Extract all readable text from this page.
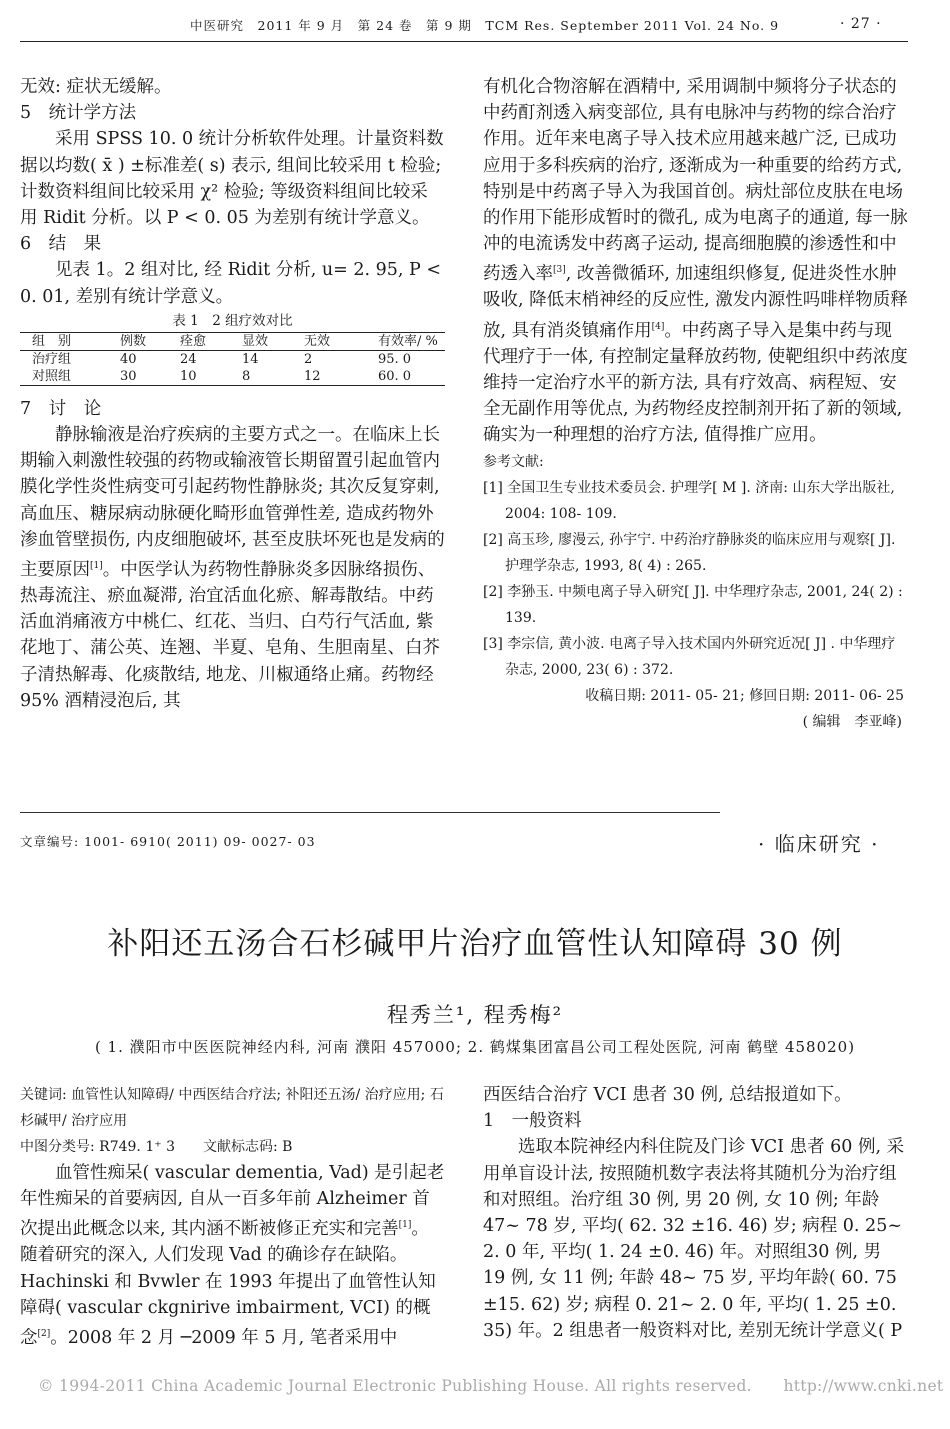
中医研究　2011 年 9 月　第 24 卷　第 9 期　TCM Res. September 2011 Vol. 24 No. 9	· 27 ·

无效: 症状无缓解。

5　统计学方法

采用 SPSS 10. 0 统计分析软件处理。计量资料数据以均数( x̄ ) ±标准差( s) 表示, 组间比较采用 t 检验; 计数资料组间比较采用 χ² 检验; 等级资料组间比较采用 Ridit 分析。以 P < 0. 05 为差别有统计学意义。

6　结　果

见表 1。2 组对比, 经 Ridit 分析, u= 2. 95, P < 0. 01, 差别有统计学意义。

表 1　2 组疗效对比
组　别	例数	痊愈	显效	无效	有效率/ %
治疗组	40	24	14	2	95. 0
对照组	30	10	8	12	60. 0

7　讨　论

静脉输液是治疗疾病的主要方式之一。在临床上长期输入刺激性较强的药物或输液管长期留置引起血管内膜化学性炎性病变可引起药物性静脉炎; 其次反复穿刺, 高血压、糖尿病动脉硬化畸形血管弹性差, 造成药物外渗血管壁损伤, 内皮细胞破坏, 甚至皮肤坏死也是发病的主要原因[1]。中医学认为药物性静脉炎多因脉络损伤、热毒流注、瘀血凝滞, 治宜活血化瘀、解毒散结。中药活血消痛液方中桃仁、红花、当归、白芍行气活血, 紫花地丁、蒲公英、连翘、半夏、皂角、生胆南星、白芥子清热解毒、化痰散结, 地龙、川椒通络止痛。药物经 95% 酒精浸泡后, 其

有机化合物溶解在酒精中, 采用调制中频将分子状态的中药酊剂透入病变部位, 具有电脉冲与药物的综合治疗作用。近年来电离子导入技术应用越来越广泛, 已成功应用于多科疾病的治疗, 逐渐成为一种重要的给药方式, 特别是中药离子导入为我国首创。病灶部位皮肤在电场的作用下能形成暂时的微孔, 成为电离子的通道, 每一脉冲的电流诱发中药离子运动, 提高细胞膜的渗透性和中药透入率[3], 改善微循环, 加速组织修复, 促进炎性水肿吸收, 降低末梢神经的反应性, 激发内源性吗啡样物质释放, 具有消炎镇痛作用[4]。中药离子导入是集中药与现代理疗于一体, 有控制定量释放药物, 使靶组织中药浓度维持一定治疗水平的新方法, 具有疗效高、病程短、安全无副作用等优点, 为药物经皮控制剂开拓了新的领域, 确实为一种理想的治疗方法, 值得推广应用。

参考文献:
[1] 全国卫生专业技术委员会. 护理学[ M ]. 济南: 山东大学出版社, 2004: 108- 109.
[2] 高玉珍, 廖漫云, 孙宇宁. 中药治疗静脉炎的临床应用与观察[ J]. 护理学杂志, 1993, 8( 4) : 265.
[2] 李狲玉. 中频电离子导入研究[ J]. 中华理疗杂志, 2001, 24( 2) : 139.
[3] 李宗信, 黄小波. 电离子导入技术国内外研究近况[ J] . 中华理疗杂志, 2000, 23( 6) : 372.
收稿日期: 2011- 05- 21; 修回日期: 2011- 06- 25
( 编辑　李亚峰)
文章编号: 1001- 6910( 2011) 09- 0027- 03	· 临床研究 ·
补阳还五汤合石杉碱甲片治疗血管性认知障碍 30 例
程秀兰¹, 程秀梅²
( 1. 濮阳市中医医院神经内科, 河南 濮阳 457000; 2. 鹤煤集团富昌公司工程处医院, 河南 鹤壁 458020)

关键词: 血管性认知障碍/ 中西医结合疗法; 补阳还五汤/ 治疗应用; 石杉碱甲/ 治疗应用

中图分类号: R749. 1⁺ 3　　文献标志码: B

血管性痴呆( vascular dementia, Vad) 是引起老年性痴呆的首要病因, 自从一百多年前 Alzheimer 首次提出此概念以来, 其内涵不断被修正充实和完善[1]。随着研究的深入, 人们发现 Vad 的确诊存在缺陷。Hachinski 和 Bvwler 在 1993 年提出了血管性认知障碍( vascular ckgnirive imbairment, VCI) 的概念[2]。2008 年 2 月 ─2009 年 5 月, 笔者采用中

西医结合治疗 VCI 患者 30 例, 总结报道如下。

1　一般资料

选取本院神经内科住院及门诊 VCI 患者 60 例, 采用单盲设计法, 按照随机数字表法将其随机分为治疗组和对照组。治疗组 30 例, 男 20 例, 女 10 例; 年龄 47~ 78 岁, 平均( 62. 32 ±16. 46) 岁; 病程 0. 25~ 2. 0 年, 平均( 1. 24 ±0. 46) 年。对照组30 例, 男 19 例, 女 11 例; 年龄 48~ 75 岁, 平均年龄( 60. 75 ±15. 62) 岁; 病程 0. 21~ 2. 0 年, 平均( 1. 25 ±0. 35) 年。2 组患者一般资料对比, 差别无统计学意义( P

© 1994-2011 China Academic Journal Electronic Publishing House. All rights reserved.　　http://www.cnki.net
